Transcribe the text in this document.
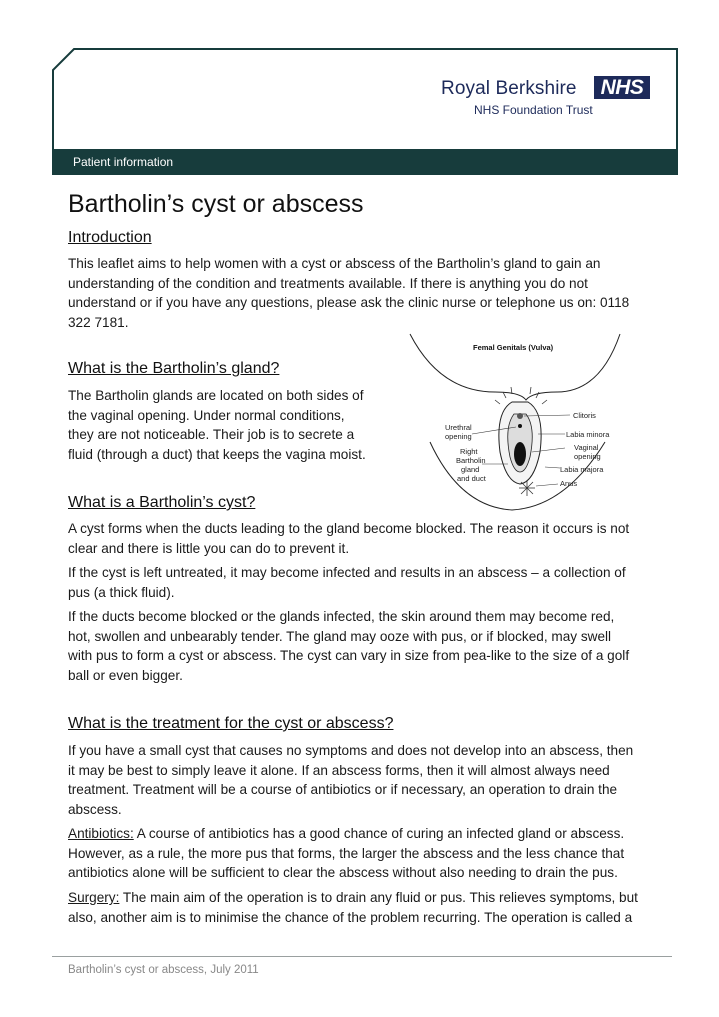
Royal Berkshire	NHS
NHS Foundation Trust
Patient information
Bartholin’s cyst or abscess
Introduction
This leaflet aims to help women with a cyst or abscess of the Bartholin’s gland to gain an
understanding of the condition and treatments available. If there is anything you do not
understand or if you have any questions, please ask the clinic nurse or telephone us on: 0118
322 7181.
What is the Bartholin’s gland?
The Bartholin glands are located on both sides of
the vaginal opening. Under normal conditions,
they are not noticeable. Their job is to secrete a
fluid (through a duct) that keeps the vagina moist.
Femal Genitals (Vulva)
Clitoris
Labia minora
Vaginal
opening
Labia majora
Anus
Urethral
opening
Right
Bartholin
gland
and duct
What is a Bartholin’s cyst?
A cyst forms when the ducts leading to the gland become blocked. The reason it occurs is not
clear and there is little you can do to prevent it.
If the cyst is left untreated, it may become infected and results in an abscess – a collection of
pus (a thick fluid).
If the ducts become blocked or the glands infected, the skin around them may become red,
hot, swollen and unbearably tender. The gland may ooze with pus, or if blocked, may swell
with pus to form a cyst or abscess. The cyst can vary in size from pea-like to the size of a golf
ball or even bigger.
What is the treatment for the cyst or abscess?
If you have a small cyst that causes no symptoms and does not develop into an abscess, then
it may be best to simply leave it alone. If an abscess forms, then it will almost always need
treatment. Treatment will be a course of antibiotics or if necessary, an operation to drain the
abscess.
Antibiotics: A course of antibiotics has a good chance of curing an infected gland or abscess.
However, as a rule, the more pus that forms, the larger the abscess and the less chance that
antibiotics alone will be sufficient to clear the abscess without also needing to drain the pus.
Surgery: The main aim of the operation is to drain any fluid or pus. This relieves symptoms, but
also, another aim is to minimise the chance of the problem recurring. The operation is called a
Bartholin’s cyst or abscess, July 2011
